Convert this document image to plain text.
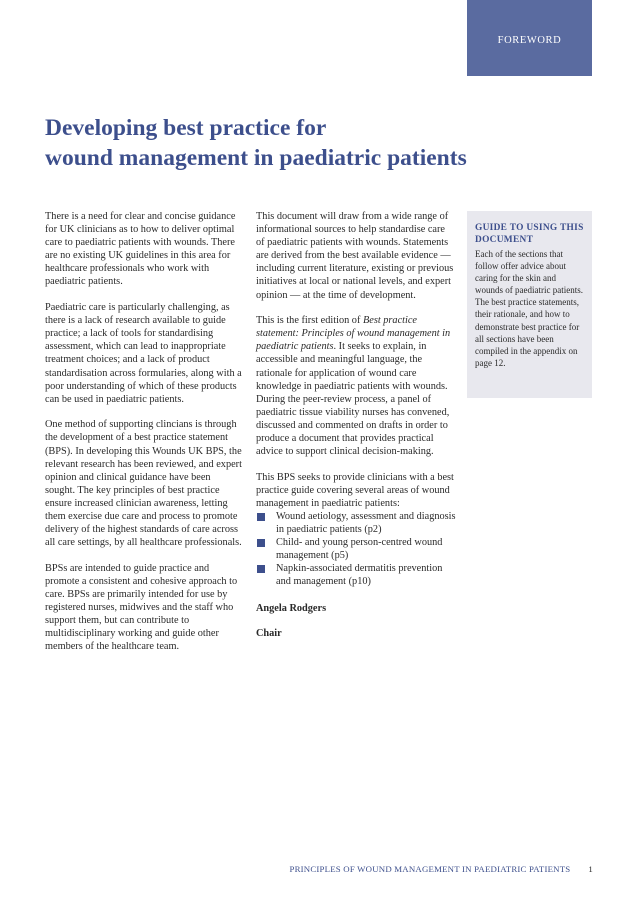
FOREWORD
Developing best practice for
wound management in paediatric patients

There is a need for clear and concise guidance for UK clinicians as to how to deliver optimal care to paediatric patients with wounds. There are no existing UK guidelines in this area for healthcare professionals who work with paediatric patients.

Paediatric care is particularly challenging, as there is a lack of research available to guide practice; a lack of tools for standardising assessment, which can lead to inappropriate treatment choices; and a lack of product standardisation across formularies, along with a poor understanding of which of these products can be used in paediatric patients.

One method of supporting clincians is through the development of a best practice statement (BPS). In developing this Wounds UK BPS, the relevant research has been reviewed, and expert opinion and clinical guidance have been sought. The key principles of best practice ensure increased clinician awareness, letting them exercise due care and process to promote delivery of the highest standards of care across all care settings, by all healthcare professionals.

BPSs are intended to guide practice and promote a consistent and cohesive approach to care. BPSs are primarily intended for use by registered nurses, midwives and the staff who support them, but can contribute to multidisciplinary working and guide other members of the healthcare team.

This document will draw from a wide range of informational sources to help standardise care of paediatric patients with wounds. Statements are derived from the best available evidence — including current literature, existing or previous initiatives at local or national levels, and expert opinion — at the time of development.

This is the first edition of Best practice statement: Principles of wound management in paediatric patients. It seeks to explain, in accessible and meaningful language, the rationale for application of wound care knowledge in paediatric patients with wounds. During the peer-review process, a panel of paediatric tissue viability nurses has convened, discussed and commented on drafts in order to produce a document that provides practical advice to support clinical decision-making.

This BPS seeks to provide clinicians with a best practice guide covering several areas of wound management in paediatric patients:

Wound aetiology, assessment and diagnosis in paediatric patients (p2)
Child- and young person-centred wound management (p5)
Napkin-associated dermatitis prevention and management (p10)

Angela Rodgers

Chair

GUIDE TO USING THIS DOCUMENT
Each of the sections that follow offer advice about caring for the skin and wounds of paediatric patients. The best practice statements, their rationale, and how to demonstrate best practice for all sections have been compiled in the appendix on page 12.
PRINCIPLES OF WOUND MANAGEMENT IN PAEDIATRIC PATIENTS 1
